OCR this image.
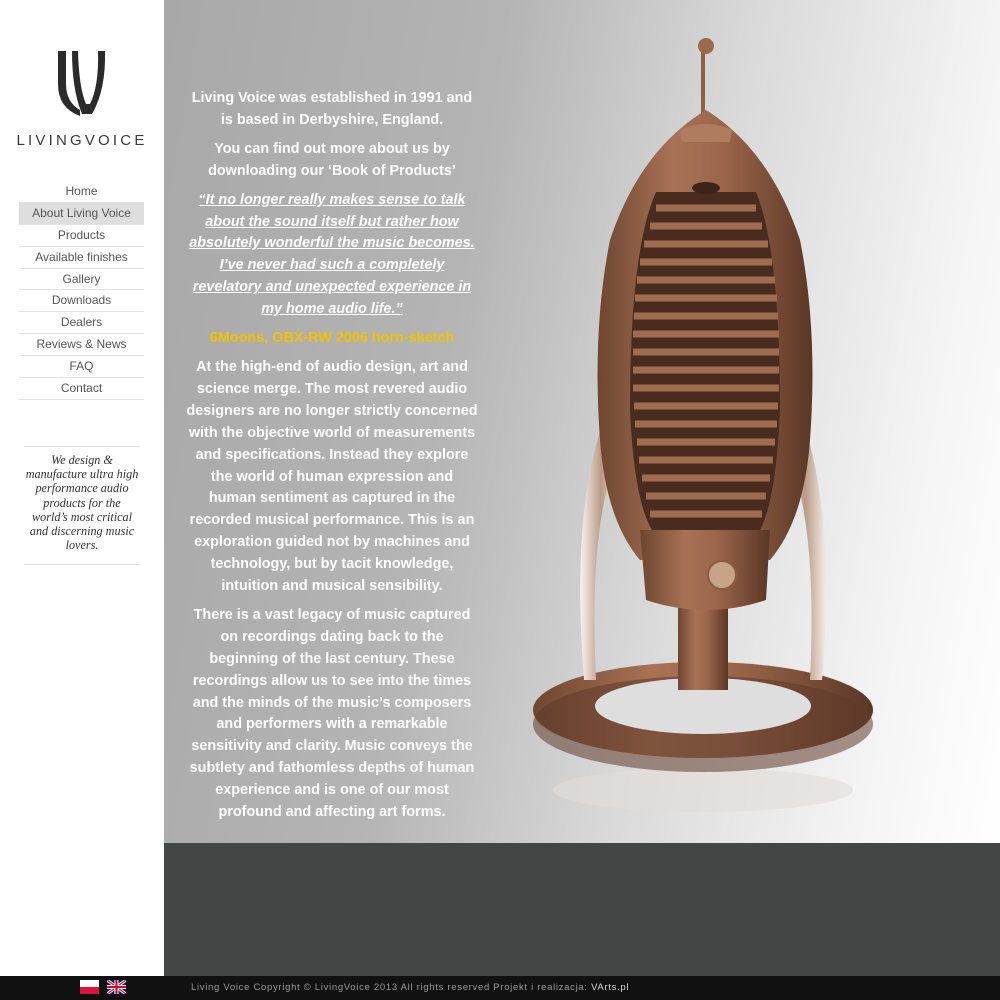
LIVINGVOICE
Home
About Living Voice
Products
Available finishes
Gallery
Downloads
Dealers
Reviews & News
FAQ
Contact
We design & manufacture ultra high performance audio products for the world’s most critical and discerning music lovers.

Living Voice was established in 1991 and is based in Derbyshire, England.

You can find out more about us by downloading our ‘Book of Products’

“It no longer really makes sense to talk about the sound itself but rather how absolutely wonderful the music becomes. I’ve never had such a completely revelatory and unexpected experience in my home audio life.”

6Moons, OBX-RW 2006 horn-sketch

At the high-end of audio design, art and science merge. The most revered audio designers are no longer strictly concerned with the objective world of measurements and specifications. Instead they explore the world of human expression and human sentiment as captured in the recorded musical performance. This is an exploration guided not by machines and technology, but by tacit knowledge, intuition and musical sensibility.

There is a vast legacy of music captured on recordings dating back to the beginning of the last century. These recordings allow us to see into the times and the minds of the music’s composers and performers with a remarkable sensitivity and clarity. Music conveys the subtlety and fathomless depths of human experience and is one of our most profound and affecting art forms.

Living Voice Copyright © LivingVoice 2013 All rights reserved Projekt i realizacja: VArts.pl
